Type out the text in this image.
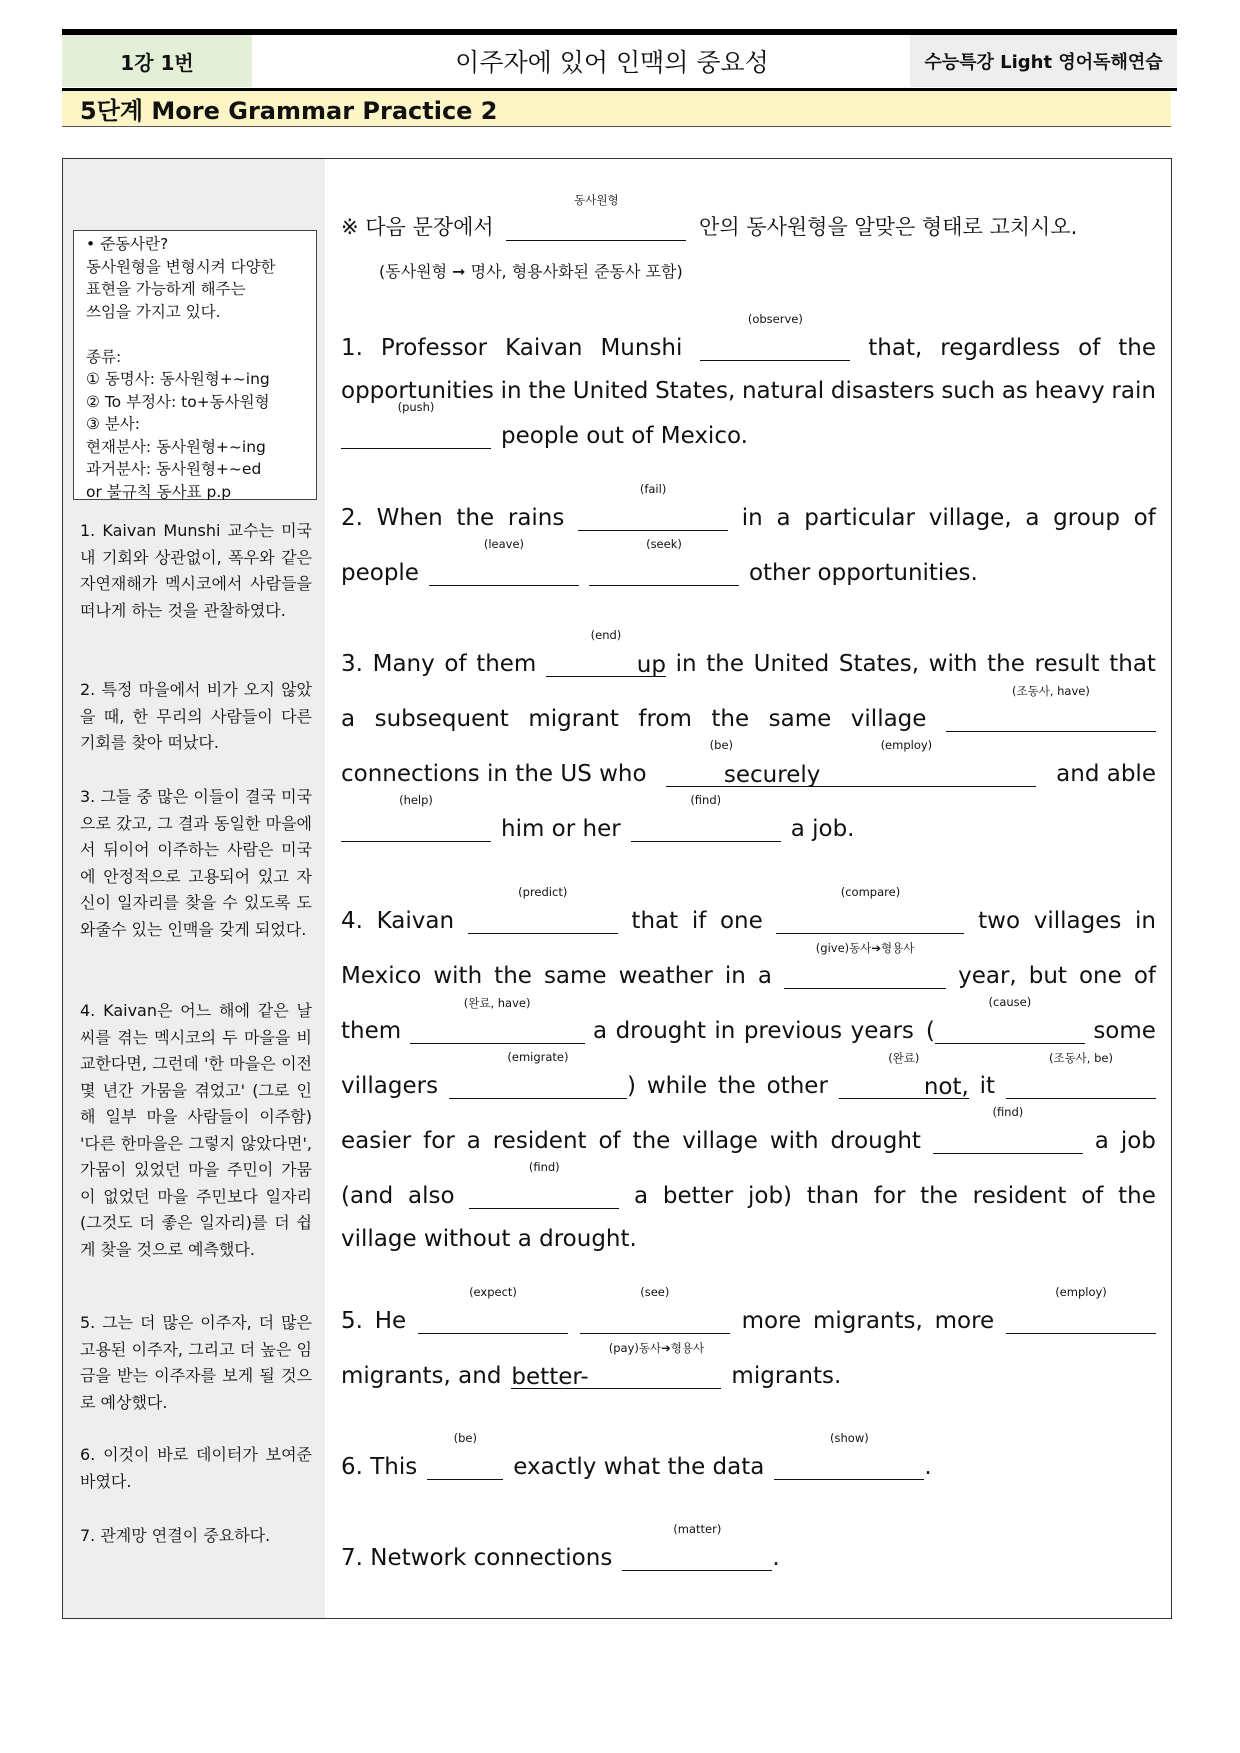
1강 1번	이주자에 있어 인맥의 중요성	수능특강 Light 영어독해연습
5단계 More Grammar Practice 2
• 준동사란?
동사원형을 변형시켜 다양한
표현을 가능하게 해주는
쓰임을 가지고 있다.

종류:
① 동명사: 동사원형+~ing
② To 부정사: to+동사원형
③ 분사:
현재분사: 동사원형+~ing
과거분사: 동사원형+~ed
or 불규칙 동사표 p.p
1. Kaivan Munshi 교수는 미국 내 기회와 상관없이, 폭우와 같은 자연재해가 멕시코에서 사람들을 떠나게 하는 것을 관찰하였다.
2. 특정 마을에서 비가 오지 않았을 때, 한 무리의 사람들이 다른 기회를 찾아 떠났다.
3. 그들 중 많은 이들이 결국 미국으로 갔고, 그 결과 동일한 마을에서 뒤이어 이주하는 사람은 미국에 안정적으로 고용되어 있고 자신이 일자리를 찾을 수 있도록 도와줄수 있는 인맥을 갖게 되었다.
4. Kaivan은 어느 해에 같은 날씨를 겪는 멕시코의 두 마을을 비교한다면, 그런데 '한 마을은 이전 몇 년간 가뭄을 겪었고' (그로 인해 일부 마을 사람들이 이주함) '다른 한마을은 그렇지 않았다면', 가뭄이 있었던 마을 주민이 가뭄이 없었던 마을 주민보다 일자리(그것도 더 좋은 일자리)를 더 쉽게 찾을 것으로 예측했다.
5. 그는 더 많은 이주자, 더 많은 고용된 이주자, 그리고 더 높은 임금을 받는 이주자를 보게 될 것으로 예상했다.
6. 이것이 바로 데이터가 보여준 바였다.
7. 관계망 연결이 중요하다.
※ 다음 문장에서
동사원형
안의 동사원형을 알맞은 형태로 고치시오.
(동사원형 ➞ 명사, 형용사화된 준동사 포함)
1. Professor Kaivan Munshi
(observe)
that, regardless of the
opportunities in the United States, natural disasters such as heavy rain
(push)
people out of Mexico.
2. When the rains
(fail)
in a particular village, a group of
people
(leave)	(seek)
other opportunities.
3. Many of them
(end)
up in the United States, with the result that
a subsequent migrant from the same village
(조동사, have)
connections in the US who
(be)
securely
(employ)
and able
(help)
him or her
(find)
a job.
4. Kaivan
(predict)
that if one
(compare)
two villages in
Mexico with the same weather in a
(give)동사➔형용사
year, but one of
them
(완료, have)
a drought in previous years (
(cause)
some
villagers
(emigrate)
) while the other
(완료)
not, it
(조동사, be)
easier for a resident of the village with drought
(find)
a job
(and also
(find)
a better job) than for the resident of the
village without a drought.
5. He
(expect)	(see)
more migrants, more
(employ)
migrants, and
(pay)동사➔형용사
better-	migrants.
6. This
(be)
exactly what the data
(show)
.
7. Network connections
(matter)
.
